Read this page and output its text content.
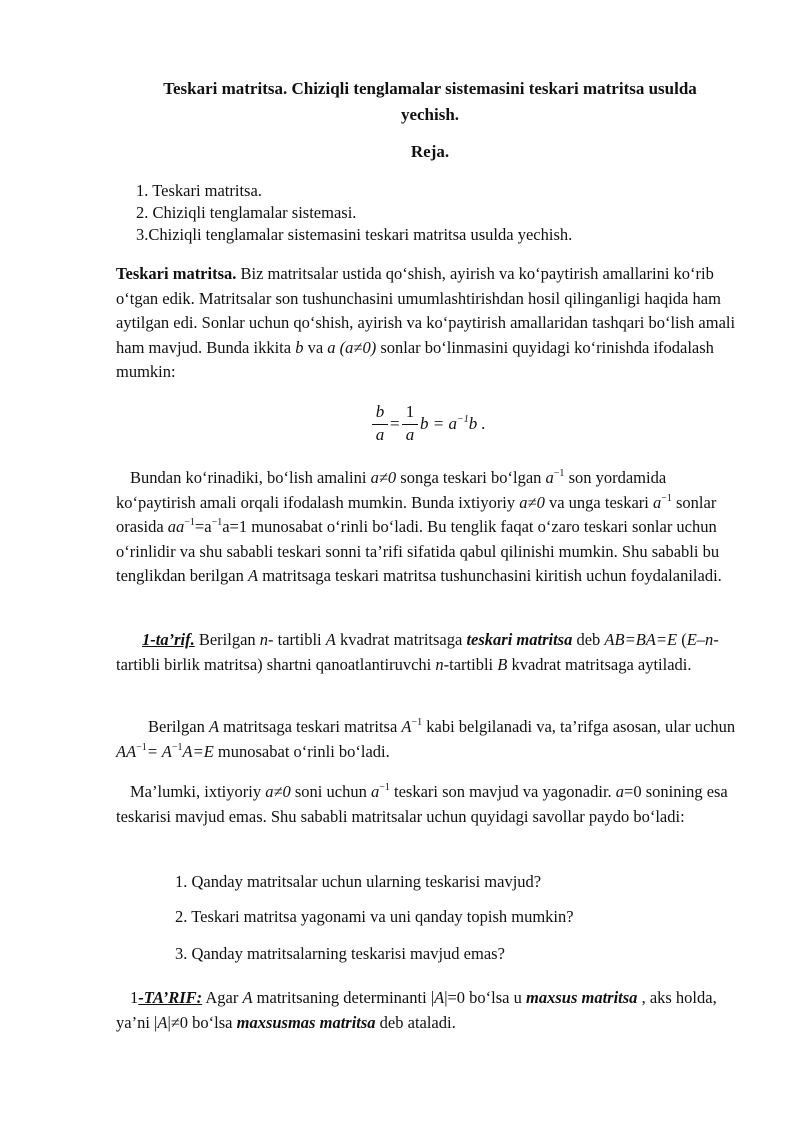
Teskari matritsa. Chiziqli tenglamalar sistemasini teskari matritsa usulda
yechish.
Reja.
1. Teskari matritsa.
2. Chiziqli tenglamalar sistemasi.
3.Chiziqli tenglamalar sistemasini teskari matritsa usulda yechish.
Teskari matritsa. Biz matritsalar ustida qo‘shish, ayirish va ko‘paytirish amallarini ko‘rib o‘tgan edik. Matritsalar son tushunchasini umumlashtirishdan hosil qilinganligi haqida ham aytilgan edi. Sonlar uchun qo‘shish, ayirish va ko‘paytirish amallaridan tashqari bo‘lish amali ham mavjud. Bunda ikkita b va a (a≠0) sonlar bo‘linmasini quyidagi ko‘rinishda ifodalash mumkin:
b
a
=
1
a
$b = a^{-1}b$ .
Bundan ko‘rinadiki, bo‘lish amalini a≠0 songa teskari bo‘lgan $a^{-1}$ son yordamida ko‘paytirish amali orqali ifodalash mumkin. Bunda ixtiyoriy a≠0 va unga teskari $a^{-1}$ sonlar orasida $aa^{-1}=a^{-1}a=1$ munosabat o‘rinli bo‘ladi. Bu tenglik faqat o‘zaro teskari sonlar uchun o‘rinlidir va shu sababli teskari sonni ta’rifi sifatida qabul qilinishi mumkin. Shu sababli bu tenglikdan berilgan A matritsaga teskari matritsa tushunchasini kiritish uchun foydalaniladi.
1-ta’rif. Berilgan n- tartibli A kvadrat matritsaga teskari matritsa deb AB=BA=E (E–n- tartibli birlik matritsa) shartni qanoatlantiruvchi n-tartibli B kvadrat matritsaga aytiladi.
Berilgan A matritsaga teskari matritsa $A^{-1}$ kabi belgilanadi va, ta’rifga asosan, ular uchun $AA^{-1}= A^{-1}A=E$ munosabat o‘rinli bo‘ladi.
Ma’lumki, ixtiyoriy a≠0 soni uchun $a^{-1}$ teskari son mavjud va yagonadir. a=0 sonining esa teskarisi mavjud emas. Shu sababli matritsalar uchun quyidagi savollar paydo bo‘ladi:
1. Qanday matritsalar uchun ularning teskarisi mavjud?
2. Teskari matritsa yagonami va uni qanday topish mumkin?
3. Qanday matritsalarning teskarisi mavjud emas?
1-TA’RIF: Agar A matritsaning determinanti |A|=0 bo‘lsa u maxsus matritsa , aks holda, ya’ni |A|≠0 bo‘lsa maxsusmas matritsa deb ataladi.
